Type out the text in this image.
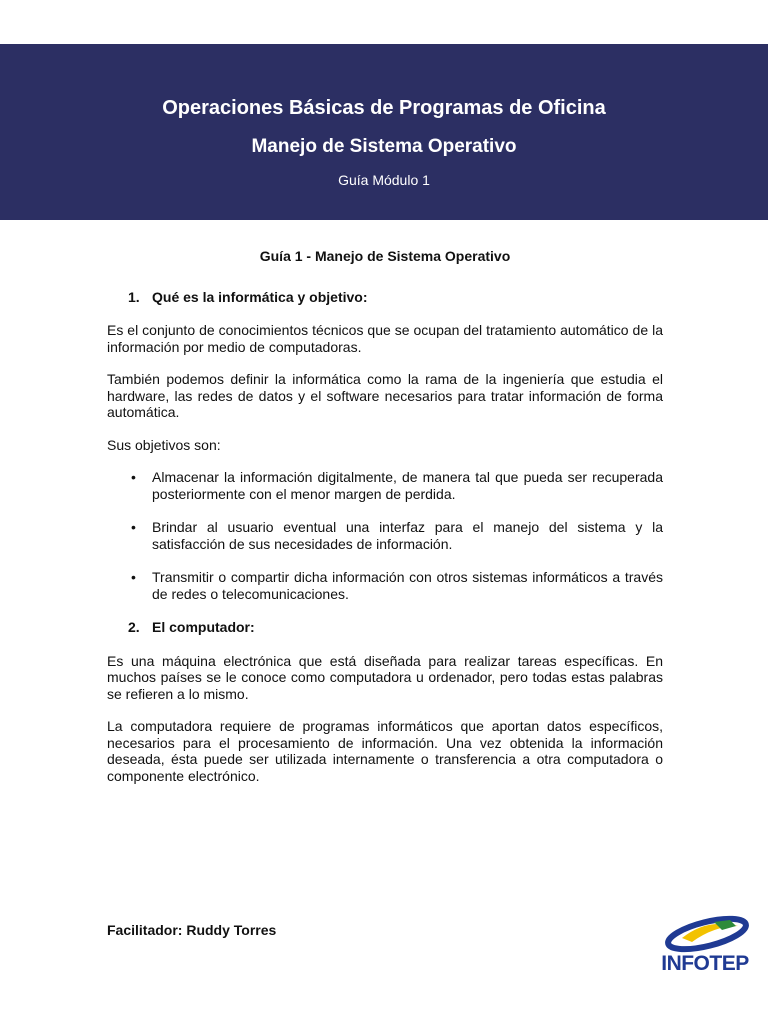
Operaciones Básicas de Programas de Oficina
Manejo de Sistema Operativo
Guía Módulo 1
Guía 1 - Manejo de Sistema Operativo
1. Qué es la informática y objetivo:

Es el conjunto de conocimientos técnicos que se ocupan del tratamiento automático de la información por medio de computadoras.

También podemos definir la informática como la rama de la ingeniería que estudia el hardware, las redes de datos y el software necesarios para tratar información de forma automática.

Sus objetivos son:

• Almacenar la información digitalmente, de manera tal que pueda ser recuperada posteriormente con el menor margen de perdida.
• Brindar al usuario eventual una interfaz para el manejo del sistema y la satisfacción de sus necesidades de información.
• Transmitir o compartir dicha información con otros sistemas informáticos a través de redes o telecomunicaciones.
2. El computador:

Es una máquina electrónica que está diseñada para realizar tareas específicas. En muchos países se le conoce como computadora u ordenador, pero todas estas palabras se refieren a lo mismo.

La computadora requiere de programas informáticos que aportan datos específicos, necesarios para el procesamiento de información. Una vez obtenida la información deseada, ésta puede ser utilizada internamente o transferencia a otra computadora o componente electrónico.

Facilitador: Ruddy Torres
INFOTEP
